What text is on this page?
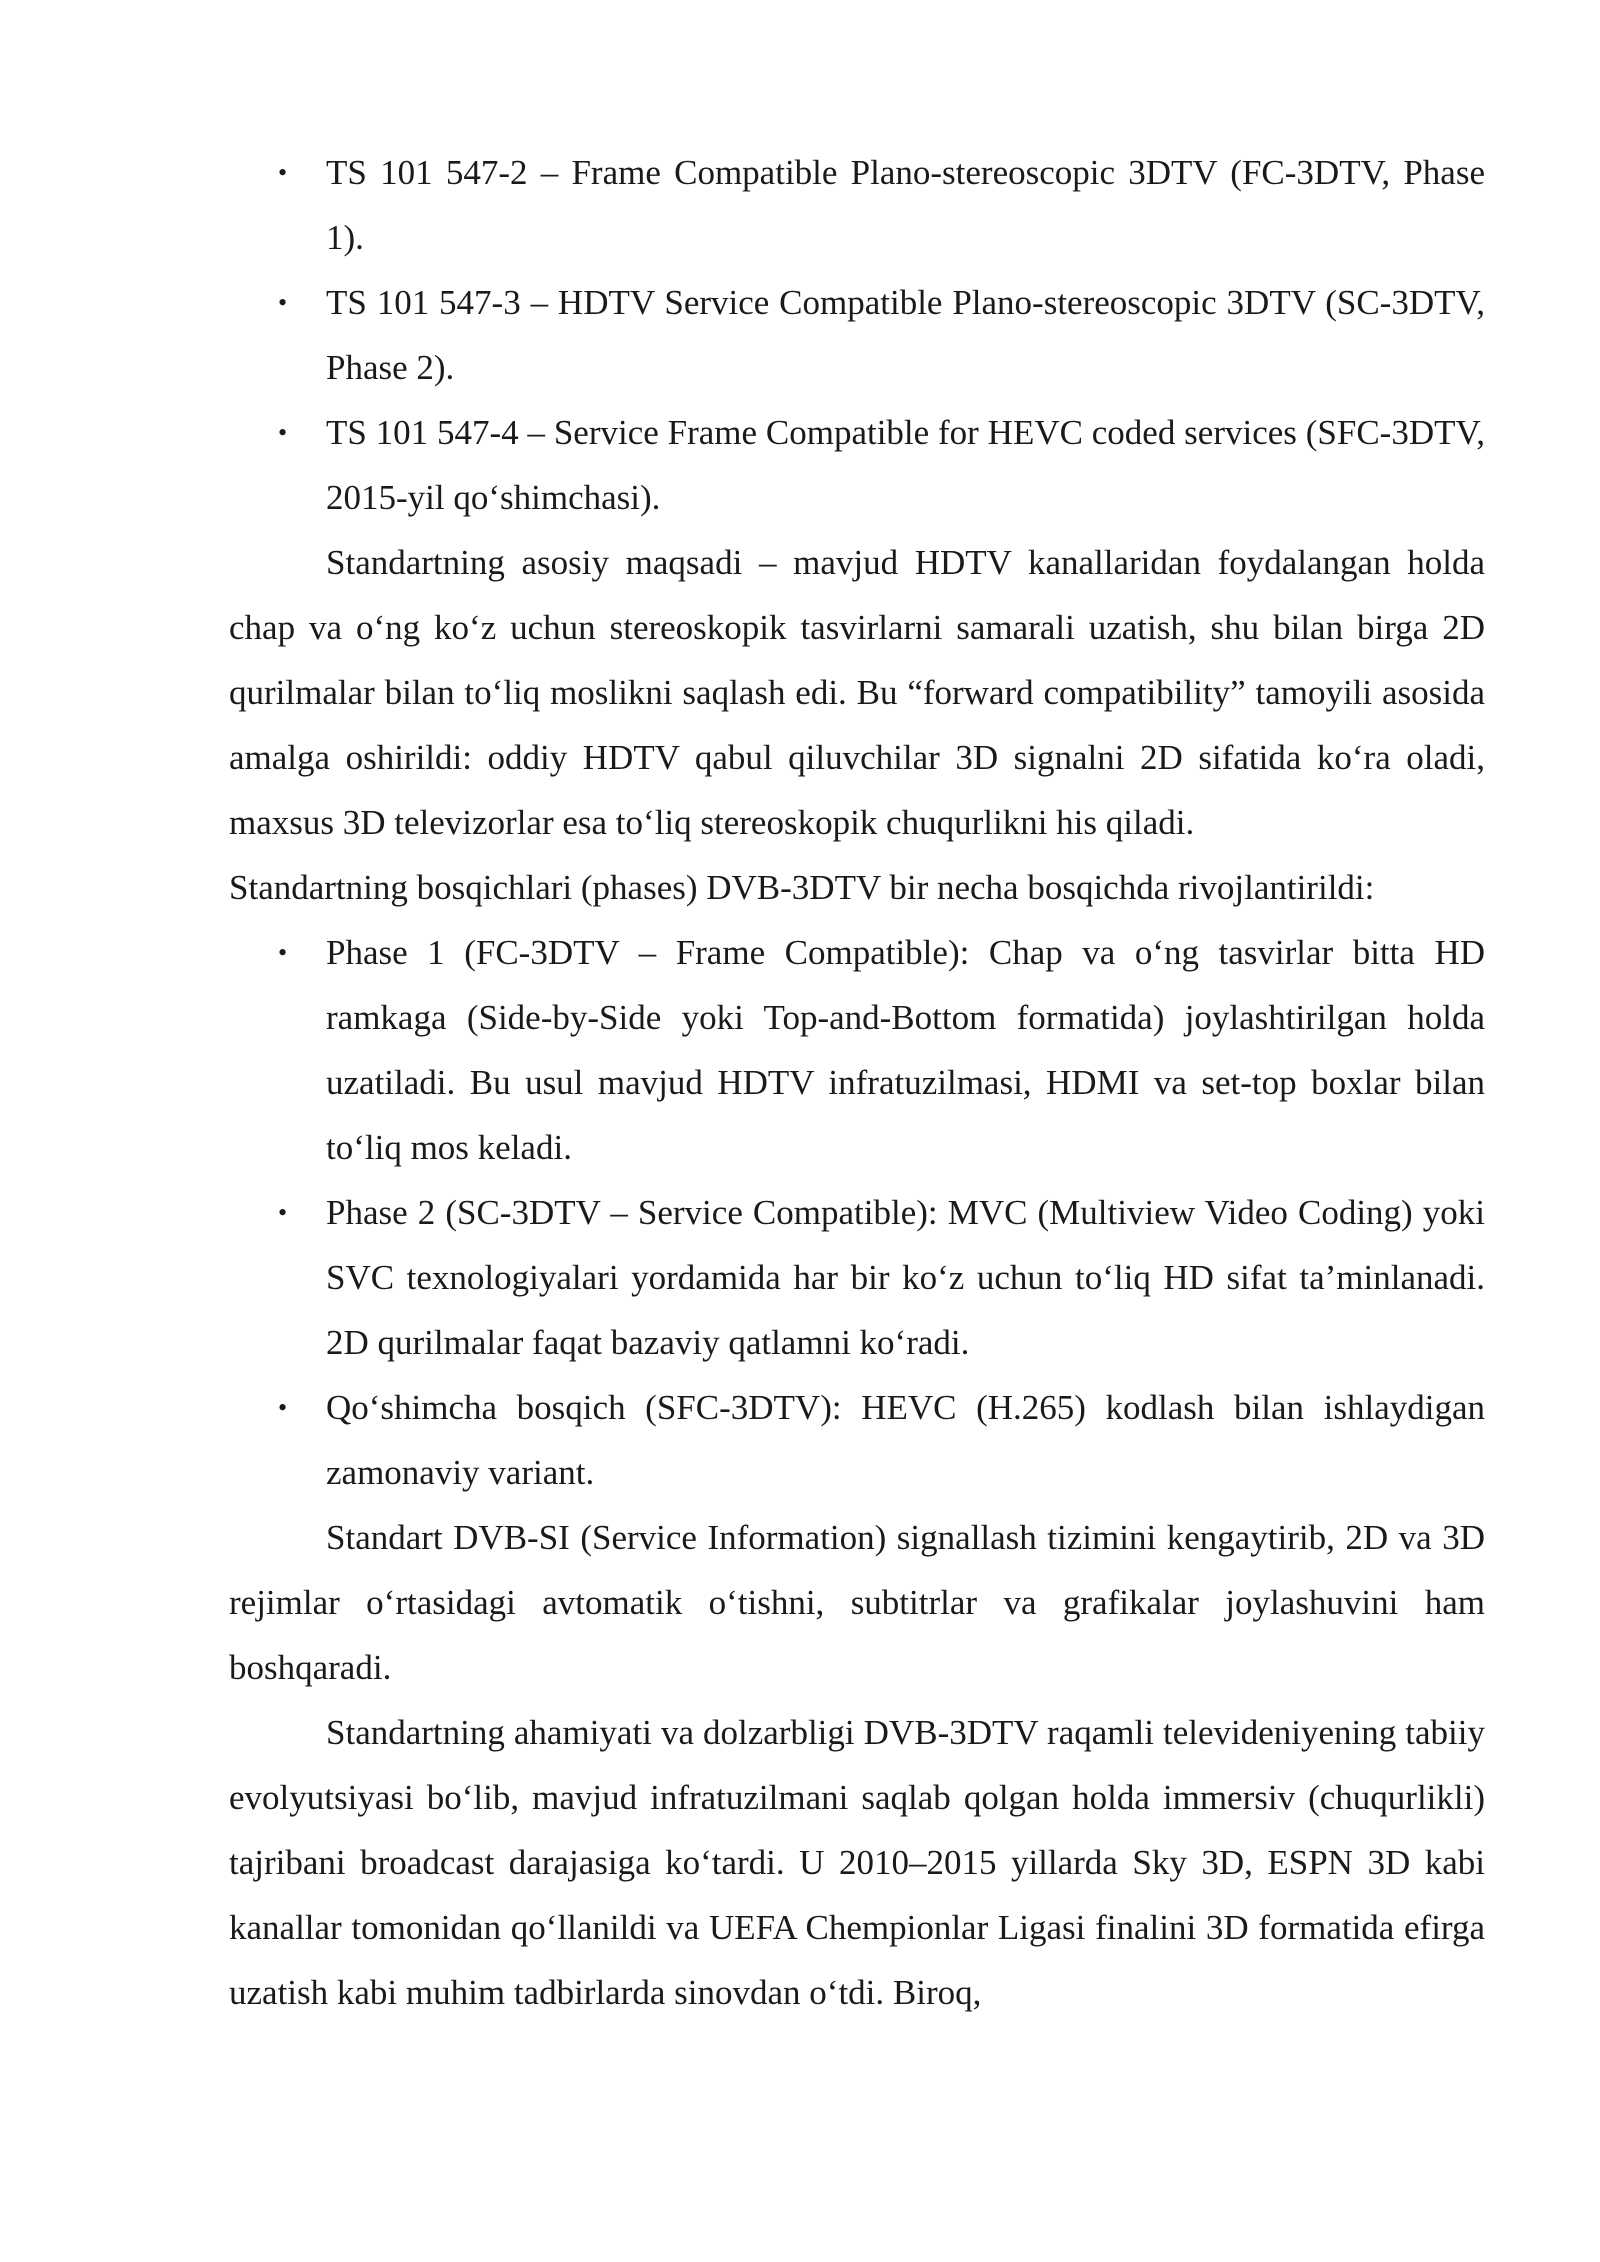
• TS 101 547-2 – Frame Compatible Plano-stereoscopic 3DTV (FC-3DTV, Phase 1).
• TS 101 547-3 – HDTV Service Compatible Plano-stereoscopic 3DTV (SC-3DTV, Phase 2).
• TS 101 547-4 – Service Frame Compatible for HEVC coded services (SFC-3DTV, 2015-yil qo‘shimchasi).

Standartning asosiy maqsadi – mavjud HDTV kanallaridan foydalangan holda chap va o‘ng ko‘z uchun stereoskopik tasvirlarni samarali uzatish, shu bilan birga 2D qurilmalar bilan to‘liq moslikni saqlash edi. Bu “forward compatibility” tamoyili asosida amalga oshirildi: oddiy HDTV qabul qiluvchilar 3D signalni 2D sifatida ko‘ra oladi, maxsus 3D televizorlar esa to‘liq stereoskopik chuqurlikni his qiladi.

Standartning bosqichlari (phases) DVB-3DTV bir necha bosqichda rivojlantirildi:

• Phase 1 (FC-3DTV – Frame Compatible): Chap va o‘ng tasvirlar bitta HD ramkaga (Side-by-Side yoki Top-and-Bottom formatida) joylashtirilgan holda uzatiladi. Bu usul mavjud HDTV infratuzilmasi, HDMI va set-top boxlar bilan to‘liq mos keladi.
• Phase 2 (SC-3DTV – Service Compatible): MVC (Multiview Video Coding) yoki SVC texnologiyalari yordamida har bir ko‘z uchun to‘liq HD sifat ta’minlanadi. 2D qurilmalar faqat bazaviy qatlamni ko‘radi.
• Qo‘shimcha bosqich (SFC-3DTV): HEVC (H.265) kodlash bilan ishlaydigan zamonaviy variant.

Standart DVB-SI (Service Information) signallash tizimini kengaytirib, 2D va 3D rejimlar o‘rtasidagi avtomatik o‘tishni, subtitrlar va grafikalar joylashuvini ham boshqaradi.

Standartning ahamiyati va dolzarbligi DVB-3DTV raqamli televideniyening tabiiy evolyutsiyasi bo‘lib, mavjud infratuzilmani saqlab qolgan holda immersiv (chuqurlikli) tajribani broadcast darajasiga ko‘tardi. U 2010–2015 yillarda Sky 3D, ESPN 3D kabi kanallar tomonidan qo‘llanildi va UEFA Chempionlar Ligasi finalini 3D formatida efirga uzatish kabi muhim tadbirlarda sinovdan o‘tdi. Biroq,
